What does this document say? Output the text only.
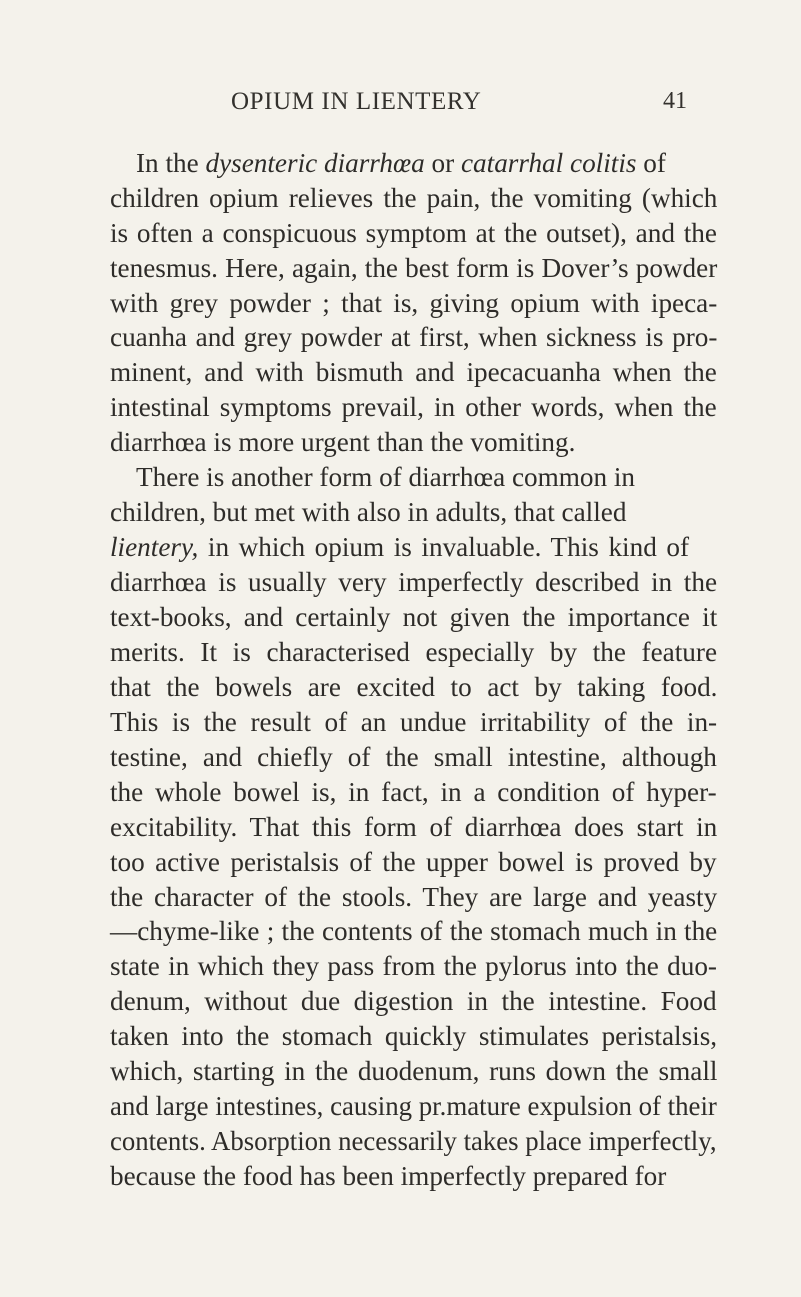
OPIUM IN LIENTERY	41
In the dysenteric diarrhœa or catarrhal colitis of
children opium relieves the pain, the vomiting (which
is often a conspicuous symptom at the outset), and the
tenesmus. Here, again, the best form is Dover’s powder
with grey powder ; that is, giving opium with ipeca-
cuanha and grey powder at first, when sickness is pro-
minent, and with bismuth and ipecacuanha when the
intestinal symptoms prevail, in other words, when the
diarrhœa is more urgent than the vomiting.
There is another form of diarrhœa common in
children, but met with also in adults, that called
lientery, in which opium is invaluable. This kind of
diarrhœa is usually very imperfectly described in the
text-books, and certainly not given the importance it
merits. It is characterised especially by the feature
that the bowels are excited to act by taking food.
This is the result of an undue irritability of the in-
testine, and chiefly of the small intestine, although
the whole bowel is, in fact, in a condition of hyper-
excitability. That this form of diarrhœa does start in
too active peristalsis of the upper bowel is proved by
the character of the stools. They are large and yeasty
—chyme-like ; the contents of the stomach much in the
state in which they pass from the pylorus into the duo-
denum, without due digestion in the intestine. Food
taken into the stomach quickly stimulates peristalsis,
which, starting in the duodenum, runs down the small
and large intestines, causing pr.mature expulsion of their
contents. Absorption necessarily takes place imperfectly,
because the food has been imperfectly prepared for
